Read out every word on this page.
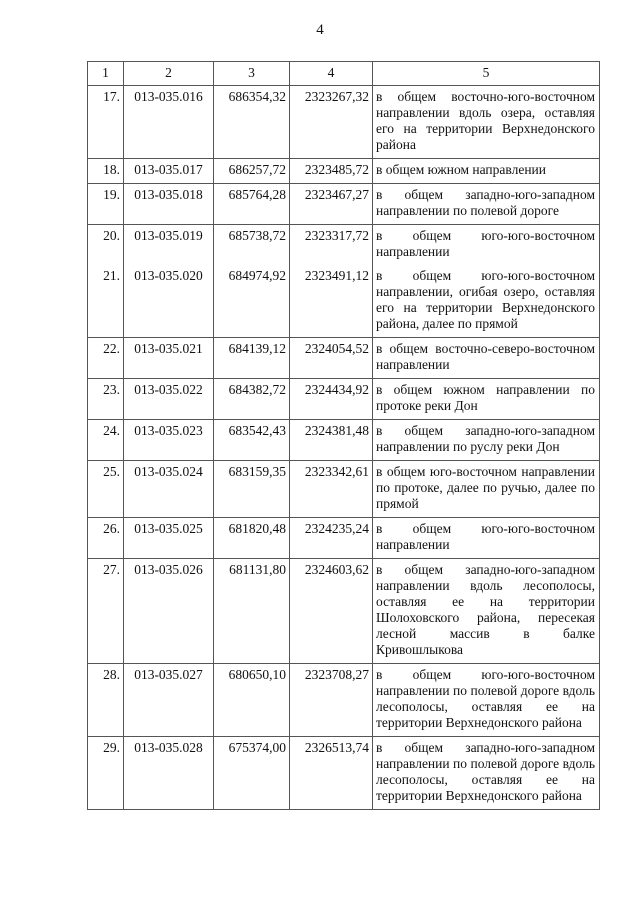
4
1	2	3	4	5
17.	013-035.016	686354,32	2323267,32	в общем восточно-юго-восточном направлении вдоль озера, оставляя его на территории Верхнедонского района
18.	013-035.017	686257,72	2323485,72	в общем южном направлении
19.	013-035.018	685764,28	2323467,27	в общем западно-юго-западном направлении по полевой дороге
20.	013-035.019	685738,72	2323317,72	в общем юго-юго-восточном направлении
21.	013-035.020	684974,92	2323491,12	в общем юго-юго-восточном направлении, огибая озеро, оставляя его на территории Верхнедонского района, далее по прямой
22.	013-035.021	684139,12	2324054,52	в общем восточно-северо-восточном направлении
23.	013-035.022	684382,72	2324434,92	в общем южном направлении по протоке реки Дон
24.	013-035.023	683542,43	2324381,48	в общем западно-юго-западном направлении по руслу реки Дон
25.	013-035.024	683159,35	2323342,61	в общем юго-восточном направлении по протоке, далее по ручью, далее по прямой
26.	013-035.025	681820,48	2324235,24	в общем юго-юго-восточном направлении
27.	013-035.026	681131,80	2324603,62	в общем западно-юго-западном направлении вдоль лесополосы, оставляя ее на территории Шолоховского района, пересекая лесной массив в балке Кривошлыкова
28.	013-035.027	680650,10	2323708,27	в общем юго-юго-восточном направлении по полевой дороге вдоль лесополосы, оставляя ее на территории Верхнедонского района
29.	013-035.028	675374,00	2326513,74	в общем западно-юго-западном направлении по полевой дороге вдоль лесополосы, оставляя ее на территории Верхнедонского района
